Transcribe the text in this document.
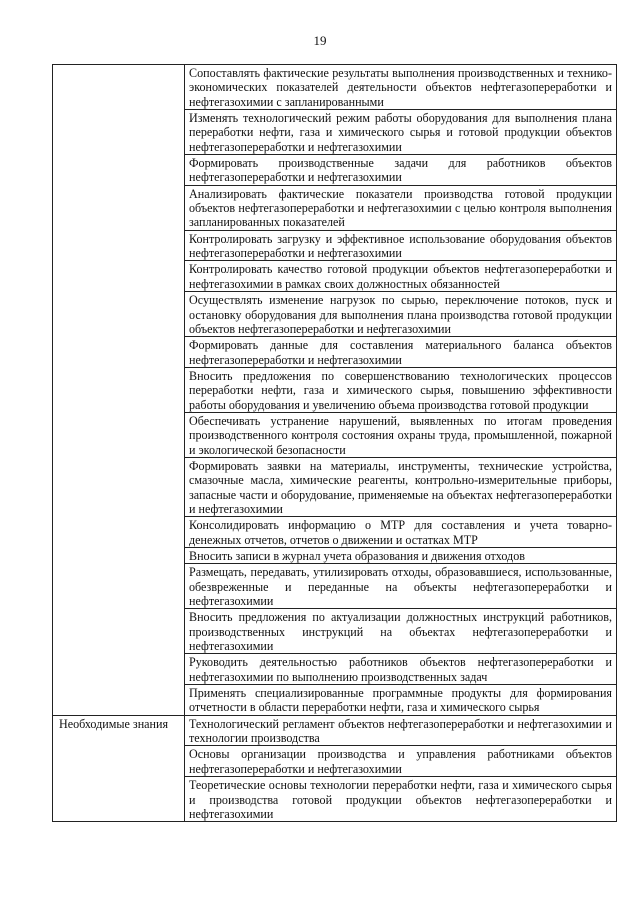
19
	Сопоставлять фактические результаты выполнения производственных и технико-экономических показателей деятельности объектов нефтегазопереработки и нефтегазохимии с запланированными
	Изменять технологический режим работы оборудования для выполнения плана переработки нефти, газа и химического сырья и готовой продукции объектов нефтегазопереработки и нефтегазохимии
	Формировать производственные задачи для работников объектов нефтегазопереработки и нефтегазохимии
	Анализировать фактические показатели производства готовой продукции объектов нефтегазопереработки и нефтегазохимии с целью контроля выполнения запланированных показателей
	Контролировать загрузку и эффективное использование оборудования объектов нефтегазопереработки и нефтегазохимии
	Контролировать качество готовой продукции объектов нефтегазопереработки и нефтегазохимии в рамках своих должностных обязанностей
	Осуществлять изменение нагрузок по сырью, переключение потоков, пуск и остановку оборудования для выполнения плана производства готовой продукции объектов нефтегазопереработки и нефтегазохимии
	Формировать данные для составления материального баланса объектов нефтегазопереработки и нефтегазохимии
	Вносить предложения по совершенствованию технологических процессов переработки нефти, газа и химического сырья, повышению эффективности работы оборудования и увеличению объема производства готовой продукции
	Обеспечивать устранение нарушений, выявленных по итогам проведения производственного контроля состояния охраны труда, промышленной, пожарной и экологической безопасности
	Формировать заявки на материалы, инструменты, технические устройства, смазочные масла, химические реагенты, контрольно-измерительные приборы, запасные части и оборудование, применяемые на объектах нефтегазопереработки и нефтегазохимии
	Консолидировать информацию о МТР для составления и учета товарно-денежных отчетов, отчетов о движении и остатках МТР
	Вносить записи в журнал учета образования и движения отходов
	Размещать, передавать, утилизировать отходы, образовавшиеся, использованные, обезвреженные и переданные на объекты нефтегазопереработки и нефтегазохимии
	Вносить предложения по актуализации должностных инструкций работников, производственных инструкций на объектах нефтегазопереработки и нефтегазохимии
	Руководить деятельностью работников объектов нефтегазопереработки и нефтегазохимии по выполнению производственных задач
	Применять специализированные программные продукты для формирования отчетности в области переработки нефти, газа и химического сырья
Необходимые знания	Технологический регламент объектов нефтегазопереработки и нефтегазохимии и технологии производства
	Основы организации производства и управления работниками объектов нефтегазопереработки и нефтегазохимии
	Теоретические основы технологии переработки нефти, газа и химического сырья и производства готовой продукции объектов нефтегазопереработки и нефтегазохимии
